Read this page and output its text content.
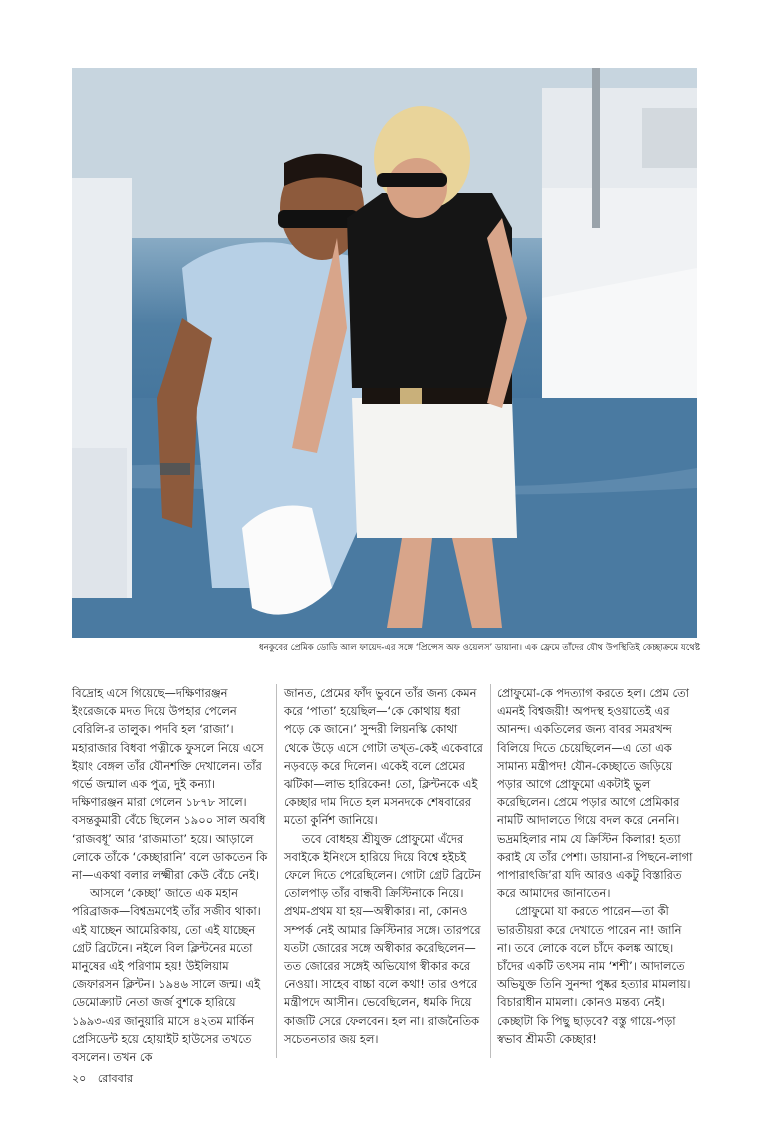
ধনকুবের প্রেমিক ডোডি আল ফায়েদ-এর সঙ্গে ‘প্রিন্সেস অফ ওয়েলস’ ডায়ানা। এক ফ্রেমে তাঁদের যৌথ উপস্থিতিই কেচ্ছাক্রমে যথেষ্ট

বিদ্রোহ এসে গিয়েছে—দক্ষিণারঞ্জন ইংরেজকে মদত দিয়ে উপহার পেলেন বেরিলি-র তালুক। পদবি হল ‘রাজা’। মহারাজার বিধবা পত্নীকে ফুসলে নিয়ে এসে ইয়াং বেঙ্গল তাঁর যৌনশক্তি দেখালেন। তাঁর গর্ভে জন্মাল এক পুত্র, দুই কন্যা। দক্ষিণারঞ্জন মারা গেলেন ১৮৭৮ সালে। বসন্তকুমারী বেঁচে ছিলেন ১৯০০ সাল অবধি ‘রাজবধূ’ আর ‘রাজমাতা’ হয়ে। আড়ালে লোকে তাঁকে ‘কেচ্ছারানি’ বলে ডাকতেন কি না—একথা বলার লক্ষ্মীরা কেউ বেঁচে নেই।

আসলে ‘কেচ্ছা’ জাতে এক মহান পরিব্রাজক—বিশ্বভ্রমণেই তাঁর সজীব থাকা। এই যাচ্ছেন আমেরিকায়, তো এই যাচ্ছেন গ্রেট ব্রিটেনে। নইলে বিল ক্লিন্টনের মতো মানুষের এই পরিণাম হয়! উইলিয়াম জেফারসন ক্লিন্টন। ১৯৪৬ সালে জন্ম। এই ডেমোক্র্যাট নেতা জর্জ বুশকে হারিয়ে ১৯৯৩-এর জানুয়ারি মাসে ৪২তম মার্কিন প্রেসিডেন্ট হয়ে হোয়াইট হাউসের তখতে বসলেন। তখন কে

জানত, প্রেমের ফাঁদ ভুবনে তাঁর জন্য কেমন করে ‘পাতা’ হয়েছিল—‘কে কোথায় ধরা পড়ে কে জানে।’ সুন্দরী লিয়নস্কি কোথা থেকে উড়ে এসে গোটা তখ্ত-কেই একেবারে নড়বড়ে করে দিলেন। একেই বলে প্রেমের ঝটিকা—লাভ হারিকেন! তো, ক্লিন্টনকে এই কেচ্ছার দাম দিতে হল মসনদকে শেষবারের মতো কুর্নিশ জানিয়ে।

তবে বোধহয় শ্রীযুক্ত প্রোফুমো এঁদের সবাইকে ইনিংসে হারিয়ে দিয়ে বিশ্বে হইচই ফেলে দিতে পেরেছিলেন। গোটা গ্রেট ব্রিটেন তোলপাড় তাঁর বান্ধবী ক্রিস্টিনাকে নিয়ে। প্রথম-প্রথম যা হয়—অস্বীকার। না, কোনও সম্পর্ক নেই আমার ক্রিস্টিনার সঙ্গে। তারপরে যতটা জোরের সঙ্গে অস্বীকার করেছিলেন—তত জোরের সঙ্গেই অভিযোগ স্বীকার করে নেওয়া। সাহেব বাচ্চা বলে কথা! তার ওপরে মন্ত্রীপদে আসীন। ভেবেছিলেন, ধমকি দিয়ে কাজটি সেরে ফেলবেন। হল না। রাজনৈতিক সচেতনতার জয় হল।

প্রোফুমো-কে পদত্যাগ করতে হল। প্রেম তো এমনই বিশ্বজয়ী! অপদস্থ হওয়াতেই এর আনন্দ। একতিলের জন্য বাবর সমরখন্দ বিলিয়ে দিতে চেয়েছিলেন—এ তো এক সামান্য মন্ত্রীপদ! যৌন-কেচ্ছাতে জড়িয়ে পড়ার আগে প্রোফুমো একটাই ভুল করেছিলেন। প্রেমে পড়ার আগে প্রেমিকার নামটি আদালতে গিয়ে বদল করে নেননি। ভদ্রমহিলার নাম যে ক্রিস্টিন কিলার! হত্যা করাই যে তাঁর পেশা। ডায়ানা-র পিছনে-লাগা পাপারাৎজি’রা যদি আরও একটু বিস্তারিত করে আমাদের জানাতেন।

প্রোফুমো যা করতে পারেন—তা কী ভারতীয়রা করে দেখাতে পারেন না! জানি না। তবে লোকে বলে চাঁদে কলঙ্ক আছে। চাঁদের একটি তৎসম নাম ‘শশী’। আদালতে অভিযুক্ত তিনি সুনন্দা পুষ্কর হত্যার মামলায়। বিচারাধীন মামলা। কোনও মন্তব্য নেই। কেচ্ছাটা কি পিছু ছাড়বে? বস্তু গায়ে-পড়া স্বভাব শ্রীমতী কেচ্ছার!

২০ রোববার
